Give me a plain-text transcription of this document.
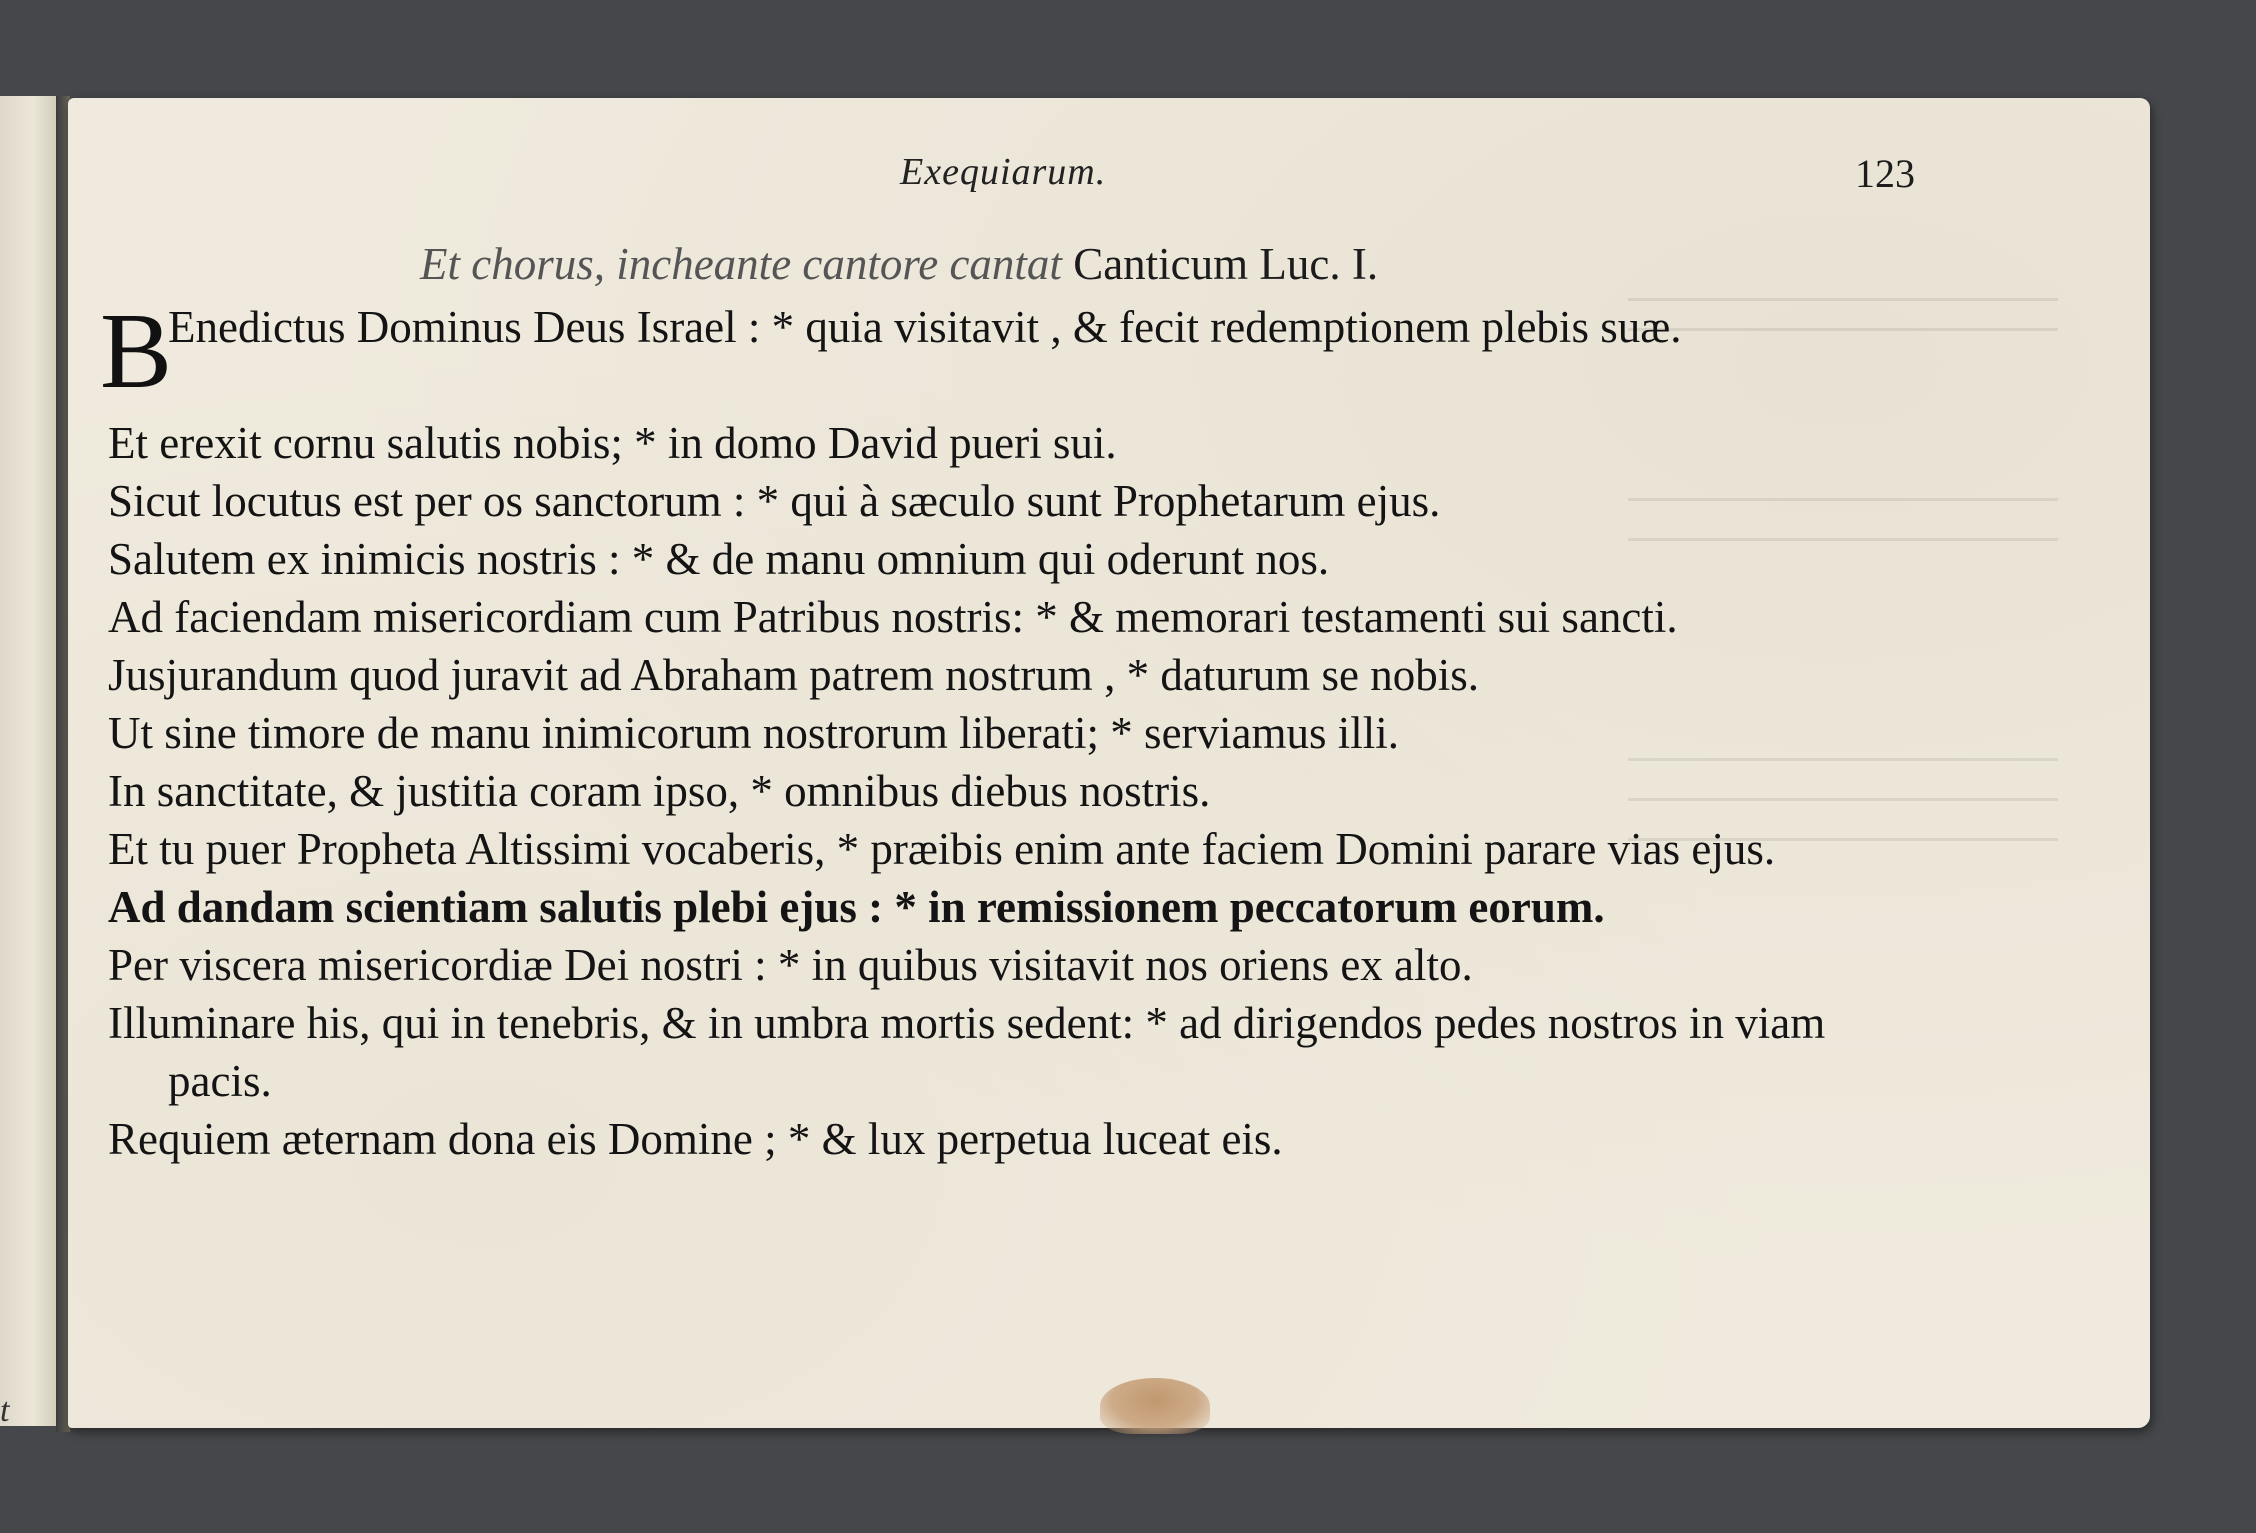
t
Exequiarum.	123
Et chorus, incheante cantore cantat Canticum Luc. I.

B
Enedictus Dominus Deus Israel : * quia visitavit , & fecit redemptionem plebis suæ.

Et erexit cornu salutis nobis; * in domo David pueri sui.

Sicut locutus est per os sanctorum : * qui à sæculo sunt Prophetarum ejus.

Salutem ex inimicis nostris : * & de manu omnium qui oderunt nos.

Ad faciendam misericordiam cum Patribus nostris: * & memorari testamenti sui sancti.

Jusjurandum quod juravit ad Abraham patrem nostrum , * daturum se nobis.

Ut sine timore de manu inimicorum nostrorum liberati; * serviamus illi.

In sanctitate, & justitia coram ipso, * omnibus diebus nostris.

Et tu puer Propheta Altissimi vocaberis, * præibis enim ante faciem Domini parare vias ejus.

Ad dandam scientiam salutis plebi ejus : * in remissionem peccatorum eorum.

Per viscera misericordiæ Dei nostri : * in quibus visitavit nos oriens ex alto.

Illuminare his, qui in tenebris, & in umbra mortis sedent: * ad dirigendos pedes nostros in viam pacis.

Requiem æternam dona eis Domine ; * & lux perpetua luceat eis.
